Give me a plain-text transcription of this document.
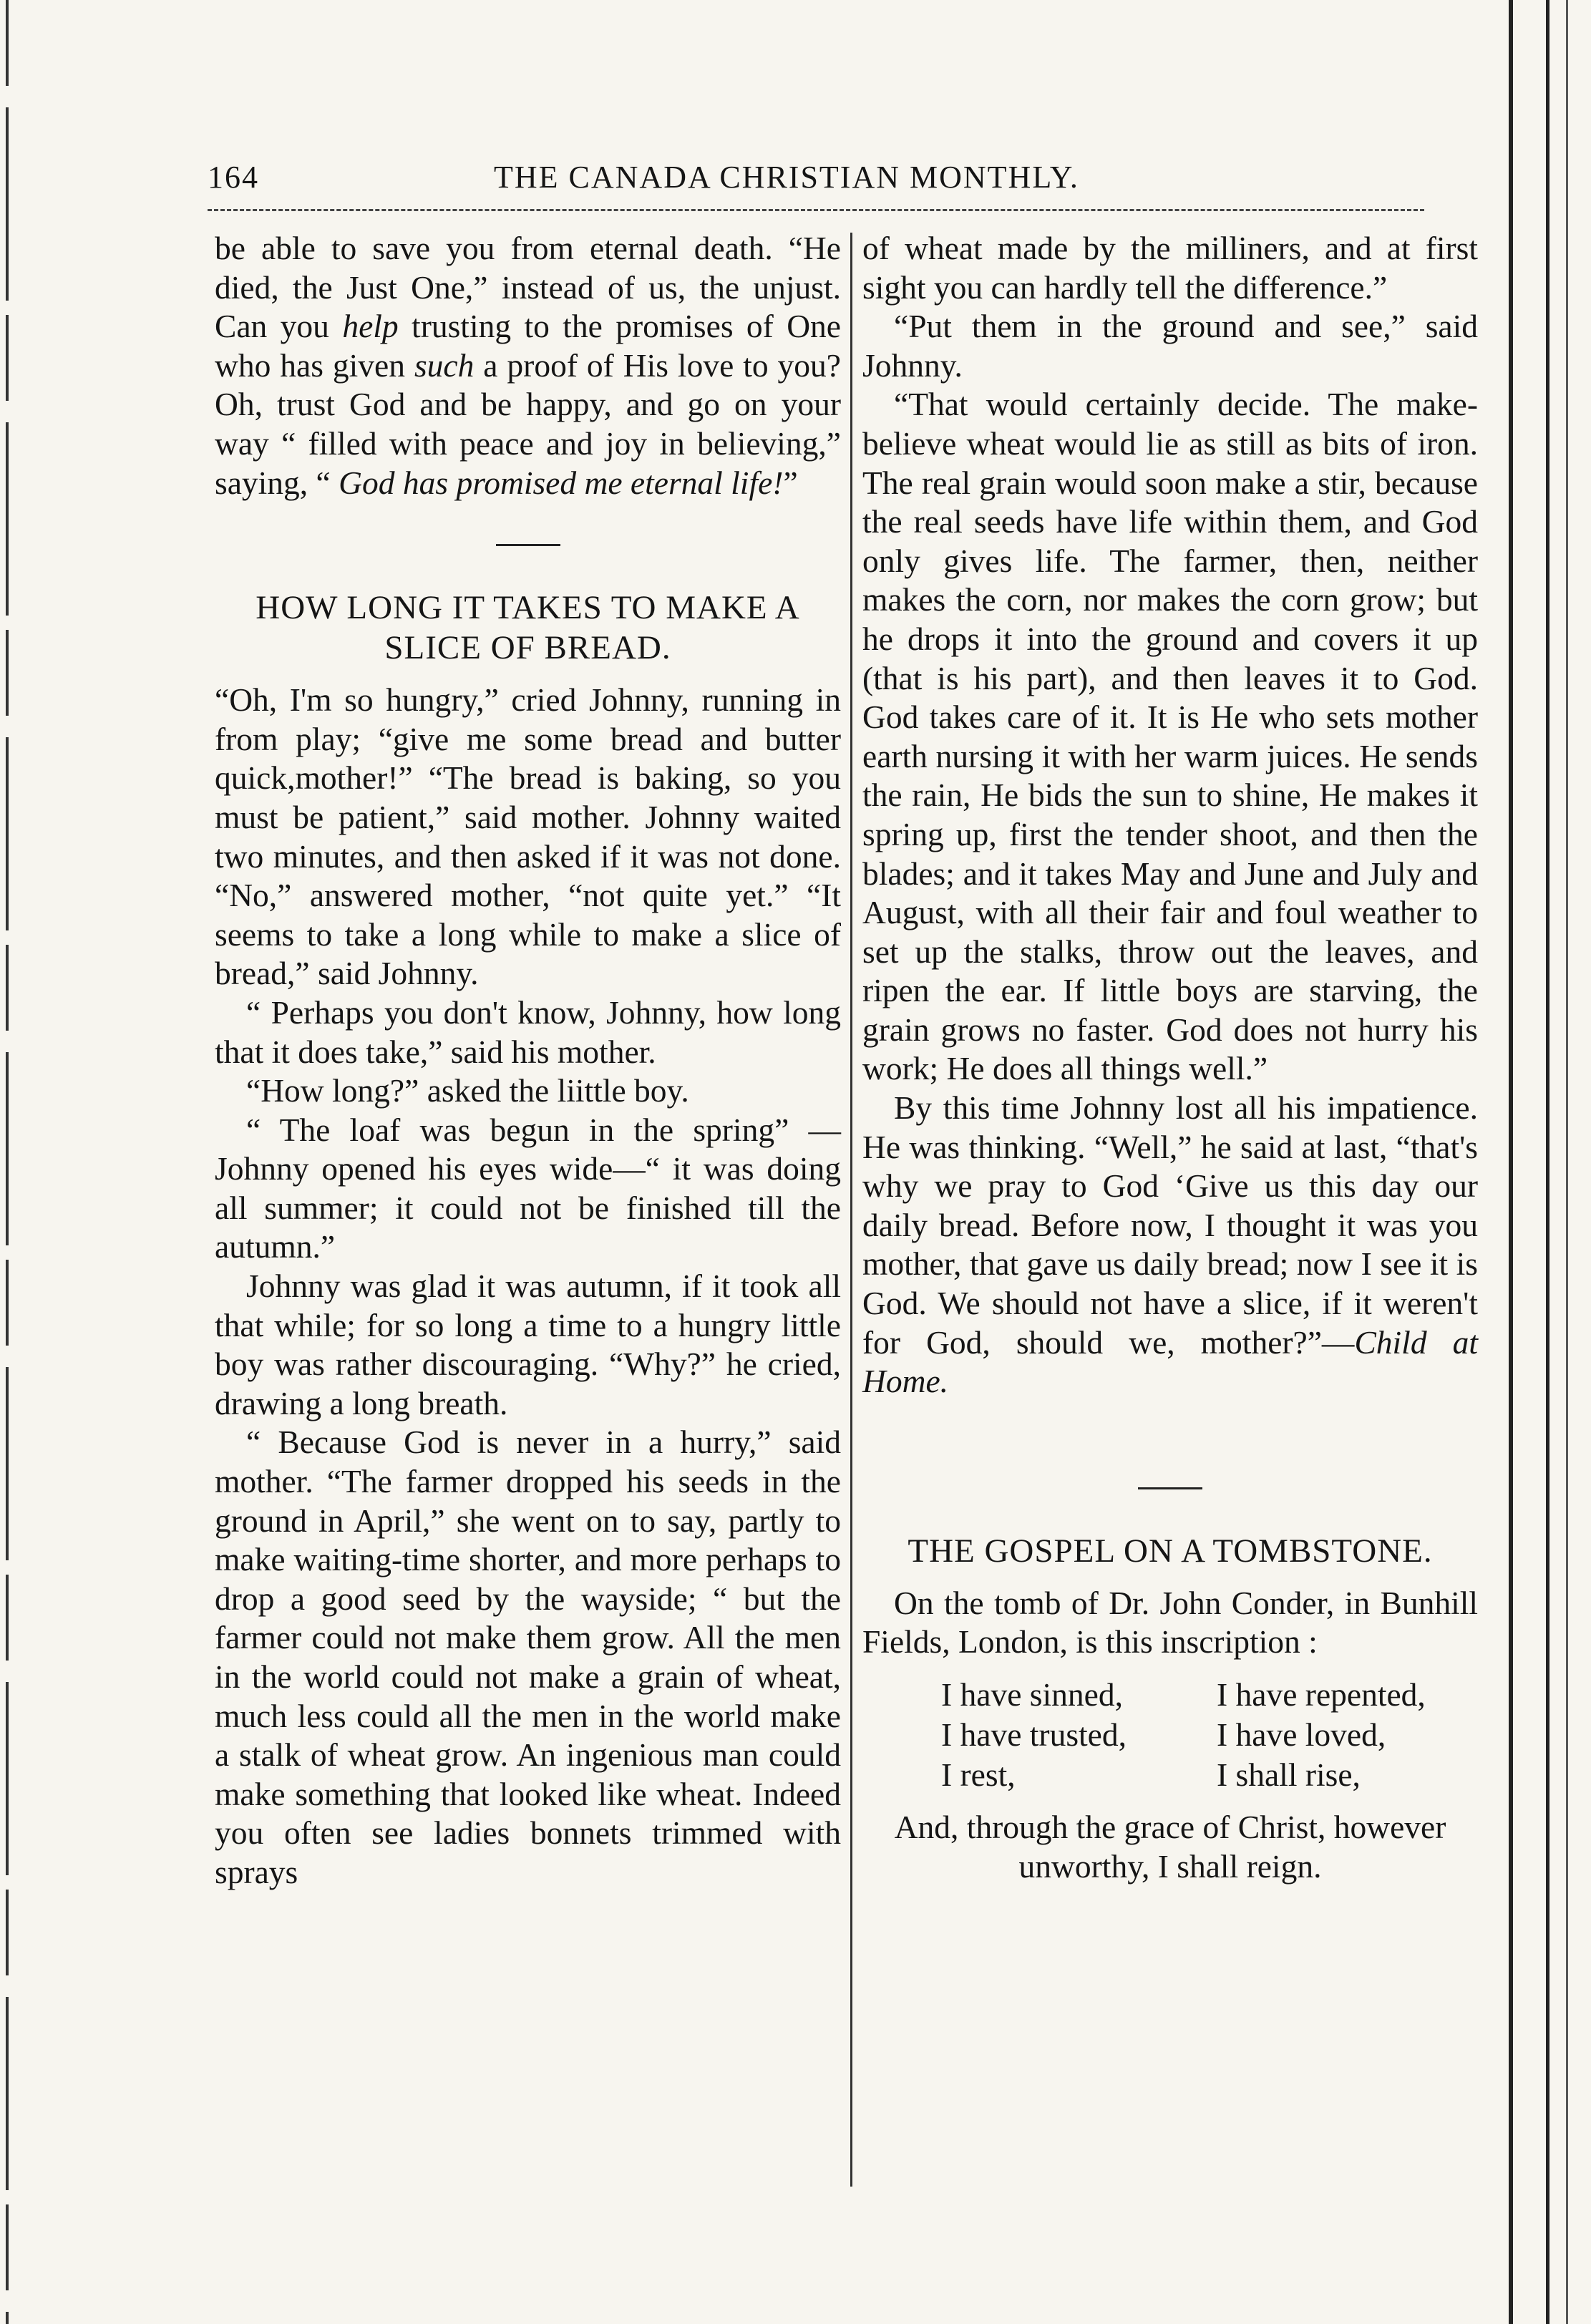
164	THE CANADA CHRISTIAN MONTHLY.

be able to save you from eternal death. “He died, the Just One,” instead of us, the unjust. Can you help trusting to the promises of One who has given such a proof of His love to you? Oh, trust God and be happy, and go on your way “ filled with peace and joy in believing,” saying, “ God has promised me eternal life!”

HOW LONG IT TAKES TO MAKE A SLICE OF BREAD.

“Oh, I'm so hungry,” cried Johnny, running in from play; “give me some bread and butter quick,mother!” “The bread is baking, so you must be patient,” said mother. Johnny waited two minutes, and then asked if it was not done. “No,” answered mother, “not quite yet.” “It seems to take a long while to make a slice of bread,” said Johnny.

“ Perhaps you don't know, Johnny, how long that it does take,” said his mother.

“How long?” asked the liittle boy.

“ The loaf was begun in the spring” —Johnny opened his eyes wide—“ it was doing all summer; it could not be finished till the autumn.”

Johnny was glad it was autumn, if it took all that while; for so long a time to a hungry little boy was rather discouraging. “Why?” he cried, drawing a long breath.

“ Because God is never in a hurry,” said mother. “The farmer dropped his seeds in the ground in April,” she went on to say, partly to make waiting-time shorter, and more perhaps to drop a good seed by the wayside; “ but the farmer could not make them grow. All the men in the world could not make a grain of wheat, much less could all the men in the world make a stalk of wheat grow. An ingenious man could make something that looked like wheat. Indeed you often see ladies bonnets trimmed with sprays

of wheat made by the milliners, and at first sight you can hardly tell the difference.”

“Put them in the ground and see,” said Johnny.

“That would certainly decide. The make-believe wheat would lie as still as bits of iron. The real grain would soon make a stir, because the real seeds have life within them, and God only gives life. The farmer, then, neither makes the corn, nor makes the corn grow; but he drops it into the ground and covers it up (that is his part), and then leaves it to God. God takes care of it. It is He who sets mother earth nursing it with her warm juices. He sends the rain, He bids the sun to shine, He makes it spring up, first the tender shoot, and then the blades; and it takes May and June and July and August, with all their fair and foul weather to set up the stalks, throw out the leaves, and ripen the ear. If little boys are starving, the grain grows no faster. God does not hurry his work; He does all things well.”

By this time Johnny lost all his impatience. He was thinking. “Well,” he said at last, “that's why we pray to God ‘Give us this day our daily bread. Before now, I thought it was you mother, that gave us daily bread; now I see it is God. We should not have a slice, if it weren't for God, should we, mother?”—Child at Home.

THE GOSPEL ON A TOMBSTONE.

On the tomb of Dr. John Conder, in Bunhill Fields, London, is this inscription :

I have sinned,	I have repented,
I have trusted,	I have loved,
I rest,	I shall rise,

And, through the grace of Christ, however unworthy, I shall reign.
